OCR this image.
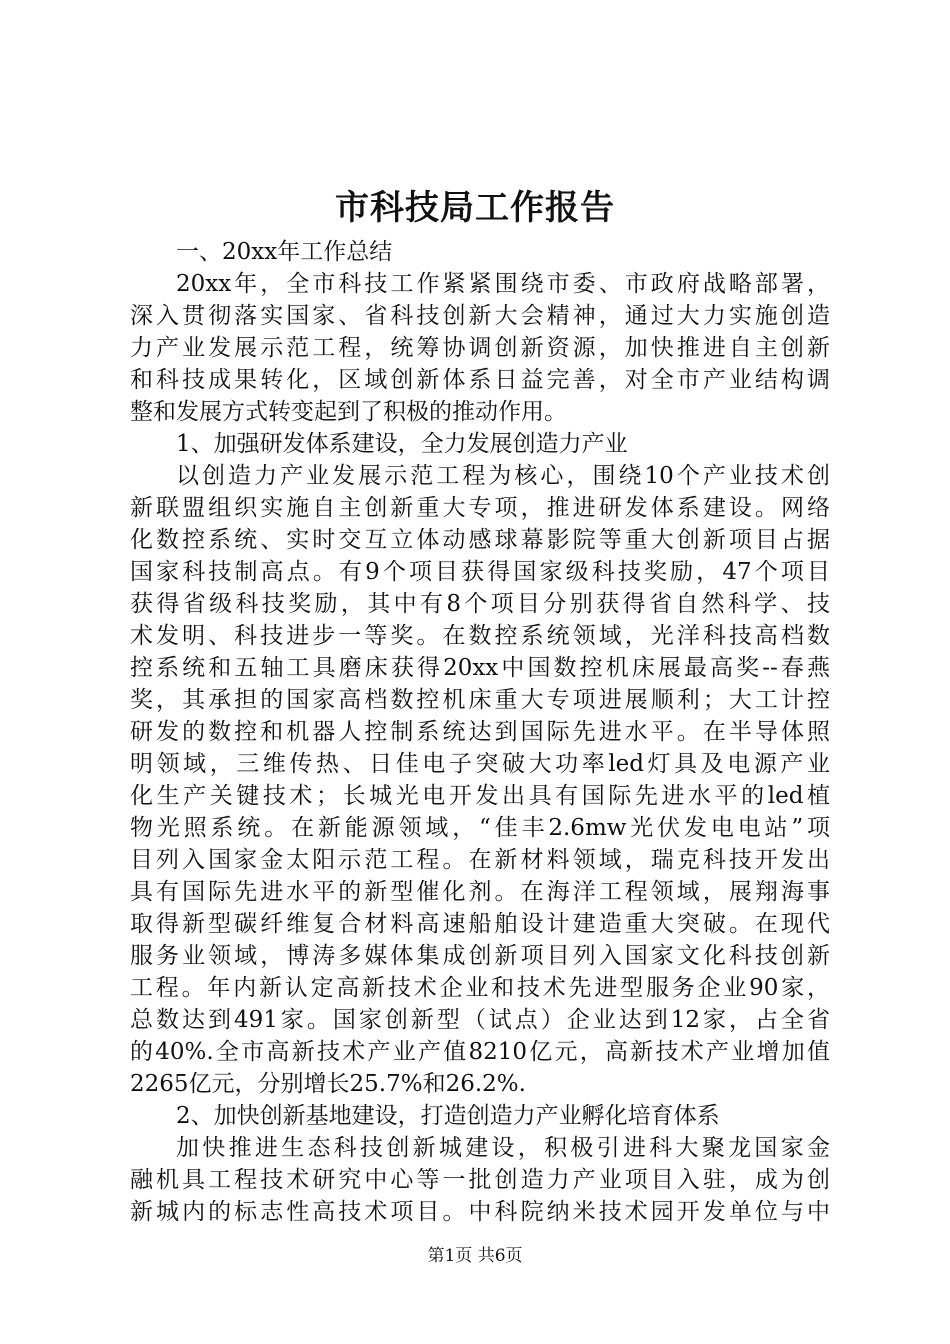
市科技局工作报告
一、20xx年工作总结
20xx年，全市科技工作紧紧围绕市委、市政府战略部署，
深入贯彻落实国家、省科技创新大会精神，通过大力实施创造
力产业发展示范工程，统筹协调创新资源，加快推进自主创新
和科技成果转化，区域创新体系日益完善，对全市产业结构调
整和发展方式转变起到了积极的推动作用。
1、加强研发体系建设，全力发展创造力产业
以创造力产业发展示范工程为核心，围绕10个产业技术创
新联盟组织实施自主创新重大专项，推进研发体系建设。网络
化数控系统、实时交互立体动感球幕影院等重大创新项目占据
国家科技制高点。有9个项目获得国家级科技奖励，47个项目
获得省级科技奖励，其中有8个项目分别获得省自然科学、技
术发明、科技进步一等奖。在数控系统领域，光洋科技高档数
控系统和五轴工具磨床获得20xx中国数控机床展最高奖--春燕
奖，其承担的国家高档数控机床重大专项进展顺利；大工计控
研发的数控和机器人控制系统达到国际先进水平。在半导体照
明领域，三维传热、日佳电子突破大功率led灯具及电源产业
化生产关键技术；长城光电开发出具有国际先进水平的led植
物光照系统。在新能源领域，“佳丰2.6mw光伏发电电站”项
目列入国家金太阳示范工程。在新材料领域，瑞克科技开发出
具有国际先进水平的新型催化剂。在海洋工程领域，展翔海事
取得新型碳纤维复合材料高速船舶设计建造重大突破。在现代
服务业领域，博涛多媒体集成创新项目列入国家文化科技创新
工程。年内新认定高新技术企业和技术先进型服务企业90家，
总数达到491家。国家创新型（试点）企业达到12家，占全省
的40%.全市高新技术产业产值8210亿元，高新技术产业增加值
2265亿元，分别增长25.7%和26.2%.
2、加快创新基地建设，打造创造力产业孵化培育体系
加快推进生态科技创新城建设，积极引进科大聚龙国家金
融机具工程技术研究中心等一批创造力产业项目入驻，成为创
新城内的标志性高技术项目。中科院纳米技术园开发单位与中
第1页 共6页
